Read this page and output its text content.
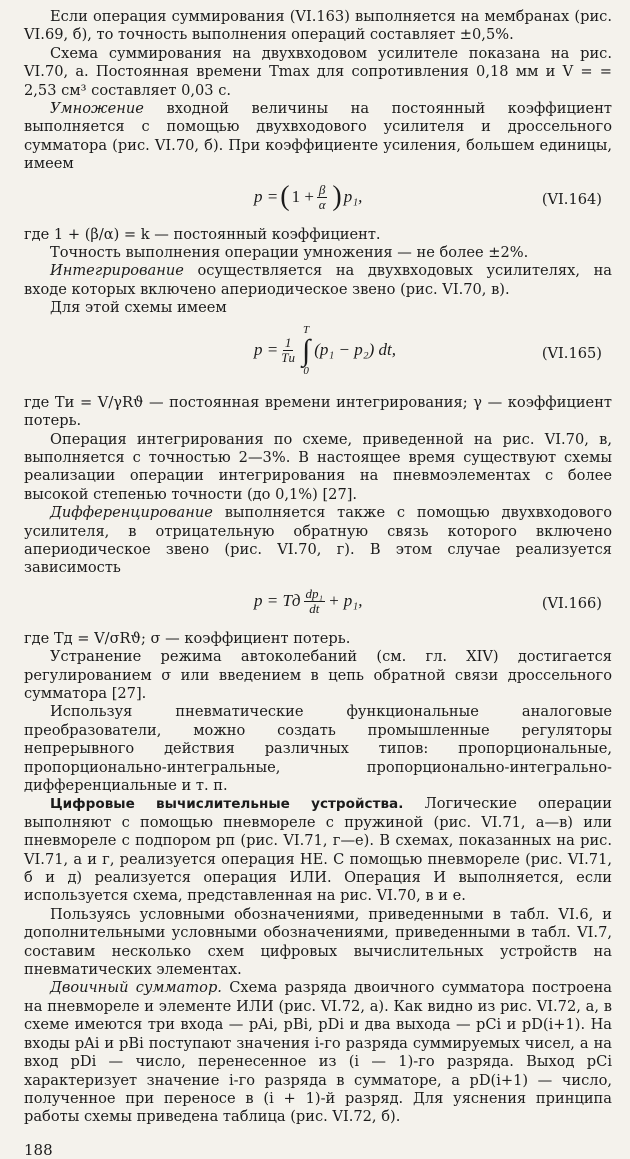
Если операция суммирования (VI.163) выполняется на мембранах (рис. VI.69, б), то точность выполнения операций составляет ±0,5%.

Схема суммирования на двухвходовом усилителе показана на рис. VI.70, а. Постоянная времени Tmax для сопротивления 0,18 мм и V = = 2,53 см³ составляет 0,03 с.

Умножение входной величины на постоянный коэффициент выполняется с помощью двухвходового усилителя и дроссельного сумматора (рис. VI.70, б). При коэффициенте усиления, большем единицы, имеем

p = ( $1 + \frac{\beta}{\alpha}$ ) p₁,	(VI.164)

где 1 + (β/α) = k — постоянный коэффициент.

Точность выполнения операции умножения — не более ±2%.

Интегрирование осуществляется на двухвходовых усилителях, на входе которых включено апериодическое звено (рис. VI.70, в).

Для этой схемы имеем

$p = \frac{1}{Tи}$
T
∫
0
(p₁ − p₂) dt,	(VI.165)

где Tи = V/γRϑ — постоянная времени интегрирования; γ — коэффициент потерь.

Операция интегрирования по схеме, приведенной на рис. VI.70, в, выполняется с точностью 2—3%. В настоящее время существуют схемы реализации операции интегрирования на пневмоэлементах с более высокой степенью точности (до 0,1%) [27].

Дифференцирование выполняется также с помощью двухвходового усилителя, в отрицательную обратную связь которого включено апериодическое звено (рис. VI.70, г). В этом случае реализуется зависимость

p = Tд $\frac{\text{dp₁}}{dt} + p_1$,	(VI.166)

где Tд = V/σRϑ; σ — коэффициент потерь.

Устранение режима автоколебаний (см. гл. XIV) достигается регулированием σ или введением в цепь обратной связи дроссельного сумматора [27].

Используя пневматические функциональные аналоговые преобразователи, можно создать промышленные регуляторы непрерывного действия различных типов: пропорциональные, пропорционально-интегральные, пропорционально-интегрально-дифференциальные и т. п.

Цифровые вычислительные устройства. Логические операции выполняют с помощью пневмореле с пружиной (рис. VI.71, а—в) или пневмореле с подпором pп (рис. VI.71, г—е). В схемах, показанных на рис. VI.71, а и г, реализуется операция НЕ. С помощью пневмореле (рис. VI.71, б и д) реализуется операция ИЛИ. Операция И выполняется, если используется схема, представленная на рис. VI.70, в и е.

Пользуясь условными обозначениями, приведенными в табл. VI.6, и дополнительными условными обозначениями, приведенными в табл. VI.7, составим несколько схем цифровых вычислительных устройств на пневматических элементах.

Двоичный сумматор. Схема разряда двоичного сумматора построена на пневмореле и элементе ИЛИ (рис. VI.72, а). Как видно из рис. VI.72, а, в схеме имеются три входа — pAi, pBi, pDi и два выхода — pCi и pD(i+1). На входы pAi и pBi поступают значения i-го разряда суммируемых чисел, а на вход pDi — число, перенесенное из (i — 1)-го разряда. Выход pCi характеризует значение i-го разряда в сумматоре, а pD(i+1) — число, полученное при переносе в (i + 1)-й разряд. Для уяснения принципа работы схемы приведена таблица (рис. VI.72, б).

188
